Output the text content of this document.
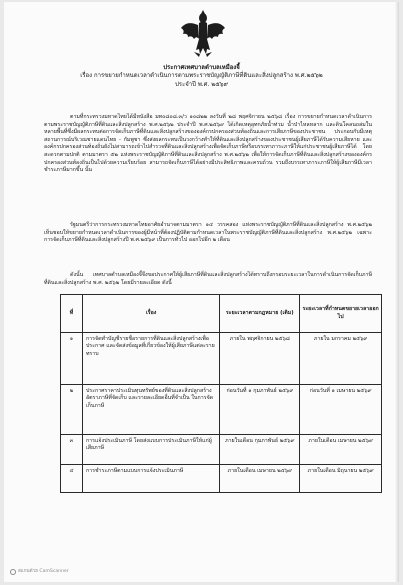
ประกาศเทศบาลตำบลเหมืองจี้
เรื่อง การขยายกำหนดเวลาดำเนินการตามพระราชบัญญัติภาษีที่ดินและสิ่งปลูกสร้าง พ.ศ.๒๕๖๒
ประจำปี พ.ศ. ๒๕๖๙

ตามที่กระทรวงมหาดไทยได้มีหนังสือ มท๐๘๐๘.๓/ว ๑๐๘๒๒ ลงวันที่ ๒๘ พฤศจิกายน ๒๕๖๘ เรื่อง การขยายกำหนดเวลาดำเนินการตามพระราชบัญญัติภาษีที่ดินและสิ่งปลูกสร้าง พ.ศ.๒๕๖๒ ประจำปี พ.ศ.๒๕๖๙ ได้เกิดเหตุอุทกภัยน้ำท่วม น้ำป่าไหลหลาก และดินโคลนถล่มในหลายพื้นที่ซึ่งมีผลกระทบต่อการจัดเก็บภาษีที่ดินและสิ่งปลูกสร้างขององค์กรปกครองส่วนท้องถิ่นและการเสียภาษีของประชาชน ประกอบกับมีเหตุสถานการณ์บริเวณชายแดนไทย - กัมพูชา ซึ่งส่งผลกระทบเป็นวงกว้างทำให้ที่ดินและสิ่งปลูกสร้างของประชาชนผู้เสียภาษีได้รับความเสียหาย และองค์กรปกครองส่วนท้องถิ่นยังไม่สามารถเข้าไปสำรวจที่ดินและสิ่งปลูกสร้างเพื่อจัดเก็บภาษีหรือบรรเทาภาระภาษีให้แก่ประชาชนผู้เสียภาษีได้ โดยสะดวกตามปกติ ตามมาตรา ๕๒ แห่งพระราชบัญญัติภาษีที่ดินและสิ่งปลูกสร้าง พ.ศ.๒๕๖๒ เพื่อให้การจัดเก็บภาษีที่ดินและสิ่งปลูกสร้างขององค์กรปกครองส่วนท้องถิ่นเป็นไปด้วยความเรียบร้อย สามารถจัดเก็บภาษีได้อย่างมีประสิทธิภาพและครบถ้วน รวมถึงบรรเทาภาระภาษีให้ผู้เสียภาษีมีเวลาชำระภาษีมากขึ้น นั้น

รัฐมนตรีว่าการกระทรวงมหาดไทยอาศัยอำนาจตามมาตรา ๑๔ วรรคสอง แห่งพระราชบัญญัติภาษีที่ดินและสิ่งปลูกสร้าง พ.ศ.๒๕๖๒ เห็นชอบให้ขยายกำหนดเวลาดำเนินการของผู้มีหน้าที่ต้องปฏิบัติตามกำหนดเวลาในพระราชบัญญัติภาษีที่ดินและสิ่งปลูกสร้าง พ.ศ.๒๕๖๒ เฉพาะการจัดเก็บภาษีที่ดินและสิ่งปลูกสร้างปี พ.ศ.๒๕๖๙ เป็นการทั่วไป ออกไปอีก ๒ เดือน

ดังนั้น เทศบาลตำบลเหมืองจี้จึงขอประกาศให้ผู้เสียภาษีที่ดินและสิ่งปลูกสร้างได้ทราบถึงกรอบระยะเวลาในการดำเนินการจัดเก็บภาษีที่ดินและสิ่งปลูกสร้าง พ.ศ. ๒๕๖๒ โดยมีรายละเอียด ดังนี้

ที่	เรื่อง	ระยะเวลาตามกฎหมาย (เดิม)	ระยะเวลาที่กำหนดขยายเวลาออกไป
๑	การจัดทำบัญชีรายชื่อรายการที่ดินและสิ่งปลูกสร้างเพื่อประกาศ และจัดส่งข้อมูลที่เกี่ยวข้องให้ผู้เสียภาษีแต่ละรายทราบ	ภายใน พฤศจิกายน ๒๕๖๘	ภายใน มกราคม ๒๕๖๙
๒	ประกาศราคาประเมินทุนทรัพย์ของที่ดินและสิ่งปลูกสร้าง อัตราภาษีที่จัดเก็บ และรายละเอียดอื่นที่จำเป็น ในการจัดเก็บภาษี	ก่อนวันที่ ๑ กุมภาพันธ์ ๒๕๖๙	ก่อนวันที่ ๑ เมษายน ๒๕๖๙
๓	การแจ้งประเมินภาษี โดยส่งแบบการประเมินภาษีให้แก่ผู้เสียภาษี	ภายในเดือน กุมภาพันธ์ ๒๕๖๙	ภายในเดือน เมษายน ๒๕๖๙
๔	การชำระภาษีตามแบบการแจ้งประเมินภาษี	ภายในเดือน เมษายน ๒๕๖๙	ภายในเดือน มิถุนายน ๒๕๖๙
สแกนด้วย CamScanner
